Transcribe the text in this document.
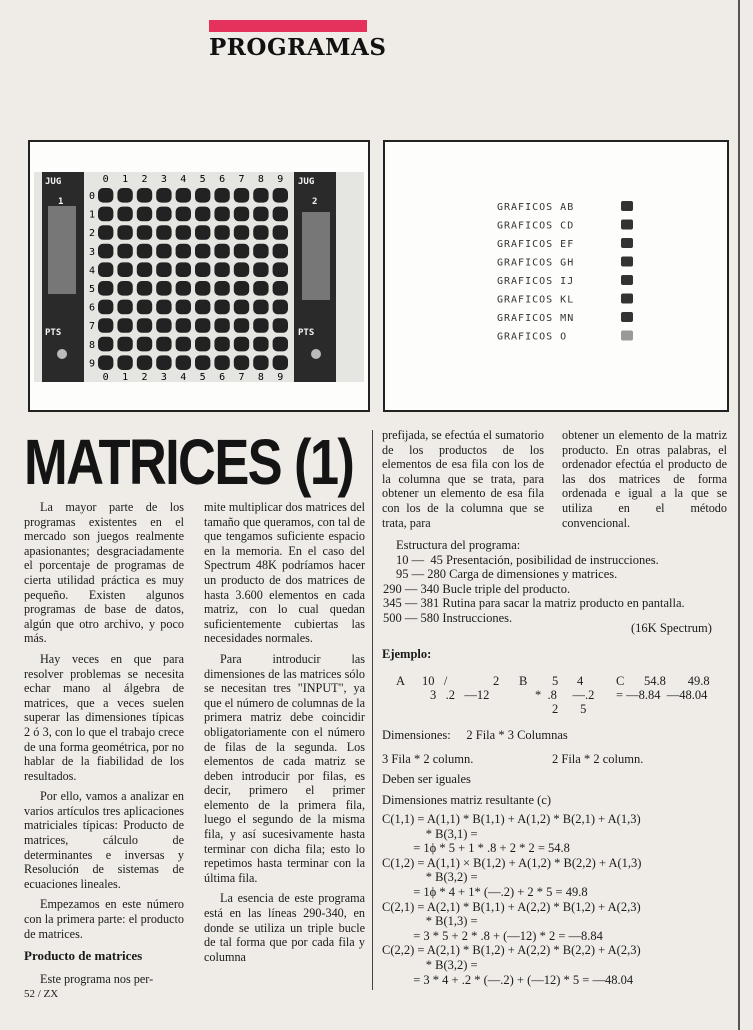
PROGRAMAS
JUG
1
JUG
2
PTS	PTS
0 1 2 3 4 5 6 7 8 9
0 1 2 3 4 5 6 7 8 9
0
1
2
3
4
5
6
7
8
9
GRAFICOS AB
GRAFICOS CD
GRAFICOS EF
GRAFICOS GH
GRAFICOS IJ
GRAFICOS KL
GRAFICOS MN
GRAFICOS O
MATRICES (1)

La mayor parte de los programas existentes en el mercado son juegos realmente apasionantes; desgraciadamente el porcentaje de programas de cierta utilidad práctica es muy pequeño. Existen algunos programas de base de datos, algún que otro archivo, y poco más.

Hay veces en que para resolver problemas se necesita echar mano al álgebra de matrices, que a veces suelen superar las dimensiones típicas 2 ó 3, con lo que el trabajo crece de una forma geométrica, por no hablar de la fiabilidad de los resultados.

Por ello, vamos a analizar en varios artículos tres aplicaciones matriciales típicas: Producto de matrices, cálculo de determinantes e inversas y Resolución de sistemas de ecuaciones lineales.

Empezamos en este número con la primera parte: el producto de matrices.

Producto de matrices

Este programa nos per-

mite multiplicar dos matrices del tamaño que queramos, con tal de que tengamos suficiente espacio en la memoria. En el caso del Spectrum 48K podríamos hacer un producto de dos matrices de hasta 3.600 elementos en cada matriz, con lo cual quedan suficientemente cubiertas las necesidades normales.

Para introducir las dimensiones de las matrices sólo se necesitan tres "INPUT", ya que el número de columnas de la primera matriz debe coincidir obligatoriamente con el número de filas de la segunda. Los elementos de cada matriz se deben introducir por filas, es decir, primero el primer elemento de la primera fila, luego el segundo de la misma fila, y así sucesivamente hasta terminar con dicha fila; esto lo repetimos hasta terminar con la última fila.

La esencia de este programa está en las líneas 290-340, en donde se utiliza un triple bucle de tal forma que por cada fila y columna

prefijada, se efectúa el sumatorio de los productos de los elementos de esa fila con los de la columna que se trata, para obtener un elemento de esa fila con los de la columna que se trata, para

obtener un elemento de la matriz producto. En otras palabras, el ordenador efectúa el producto de las dos matrices de forma ordenada e igual a la que se utiliza en el método convencional.

Estructura del programa:
10 —  45 Presentación, posibilidad de instrucciones.
95 — 280 Carga de dimensiones y matrices.
290 — 340 Bucle triple del producto.
345 — 381 Rutina para sacar la matriz producto en pantalla.
500 — 580 Instrucciones.
(16K Spectrum)
Ejemplo:
A 10   /
3   .2   —12
2 B 5      4
*  .8     —.2
2       5
C 54.8       49.8
= —8.84  —48.04
Dimensiones:     2 Fila * 3 Columnas
3 Fila * 2 column.	2 Fila * 2 column.
Deben ser iguales
Dimensiones matriz resultante (c)
C(1,1) = A(1,1) * B(1,1) + A(1,2) * B(2,1) + A(1,3)
* B(3,1) =
= 1ϕ * 5 + 1 * .8 + 2 * 2 = 54.8
C(1,2) = A(1,1) × B(1,2) + A(1,2) * B(2,2) + A(1,3)
* B(3,2) =
= 1ϕ * 4 + 1* (—.2) + 2 * 5 = 49.8
C(2,1) = A(2,1) * B(1,1) + A(2,2) * B(1,2) + A(2,3)
* B(1,3) =
= 3 * 5 + 2 * .8 + (—12) * 2 = —8.84
C(2,2) = A(2,1) * B(1,2) + A(2,2) * B(2,2) + A(2,3)
* B(3,2) =
= 3 * 4 + .2 * (—.2) + (—12) * 5 = —48.04
52 / ZX
